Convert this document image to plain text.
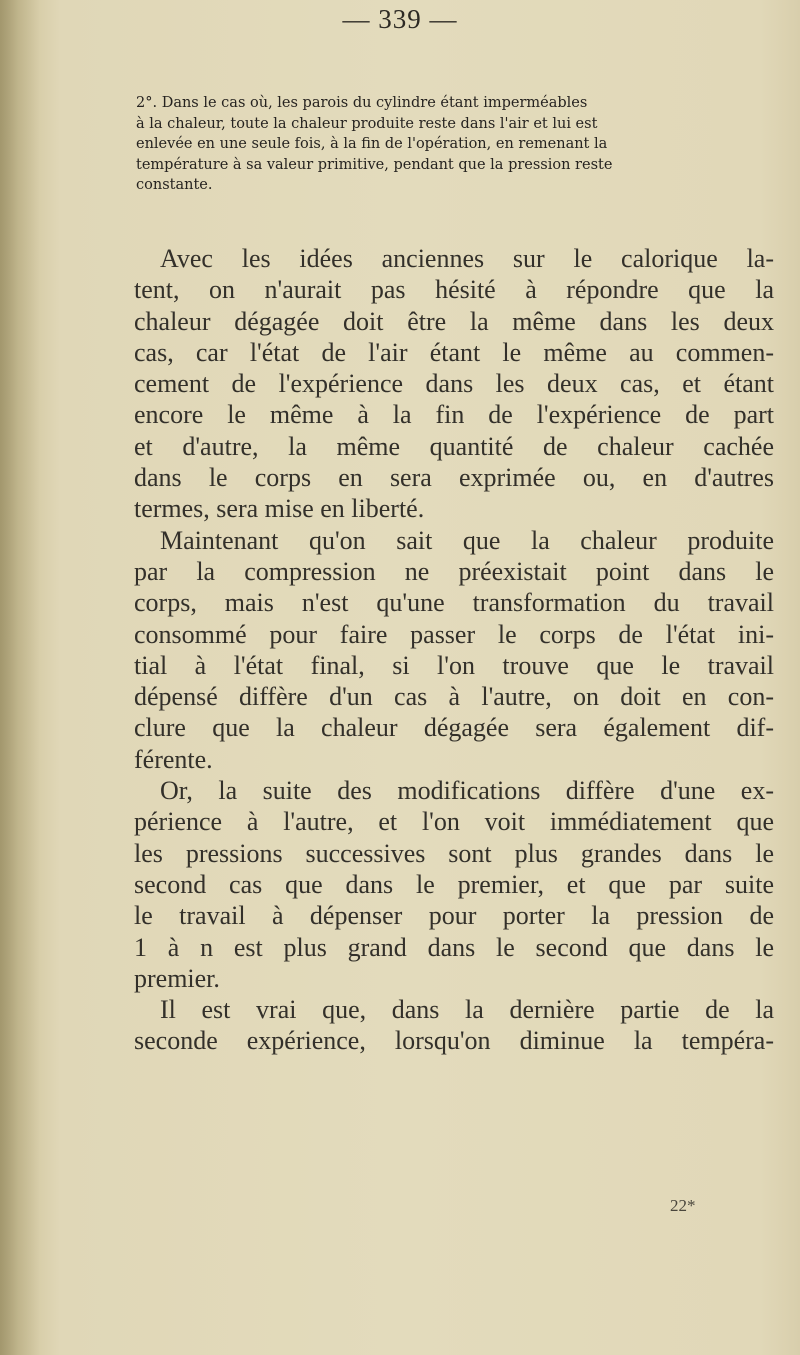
— 339 —
2°. Dans le cas où, les parois du cylindre étant imperméables
à la chaleur, toute la chaleur produite reste dans l'air et lui est
enlevée en une seule fois, à la fin de l'opération, en remenant la
température à sa valeur primitive, pendant que la pression reste
constante.
Avec les idées anciennes sur le calorique la-
tent, on n'aurait pas hésité à répondre que la
chaleur dégagée doit être la même dans les deux
cas, car l'état de l'air étant le même au commen-
cement de l'expérience dans les deux cas, et étant
encore le même à la fin de l'expérience de part
et d'autre, la même quantité de chaleur cachée
dans le corps en sera exprimée ou, en d'autres
termes, sera mise en liberté.
Maintenant qu'on sait que la chaleur produite
par la compression ne préexistait point dans le
corps, mais n'est qu'une transformation du travail
consommé pour faire passer le corps de l'état ini-
tial à l'état final, si l'on trouve que le travail
dépensé diffère d'un cas à l'autre, on doit en con-
clure que la chaleur dégagée sera également dif-
férente.
Or, la suite des modifications diffère d'une ex-
périence à l'autre, et l'on voit immédiatement que
les pressions successives sont plus grandes dans le
second cas que dans le premier, et que par suite
le travail à dépenser pour porter la pression de
1 à n est plus grand dans le second que dans le
premier.
Il est vrai que, dans la dernière partie de la
seconde expérience, lorsqu'on diminue la tempéra-
22*
